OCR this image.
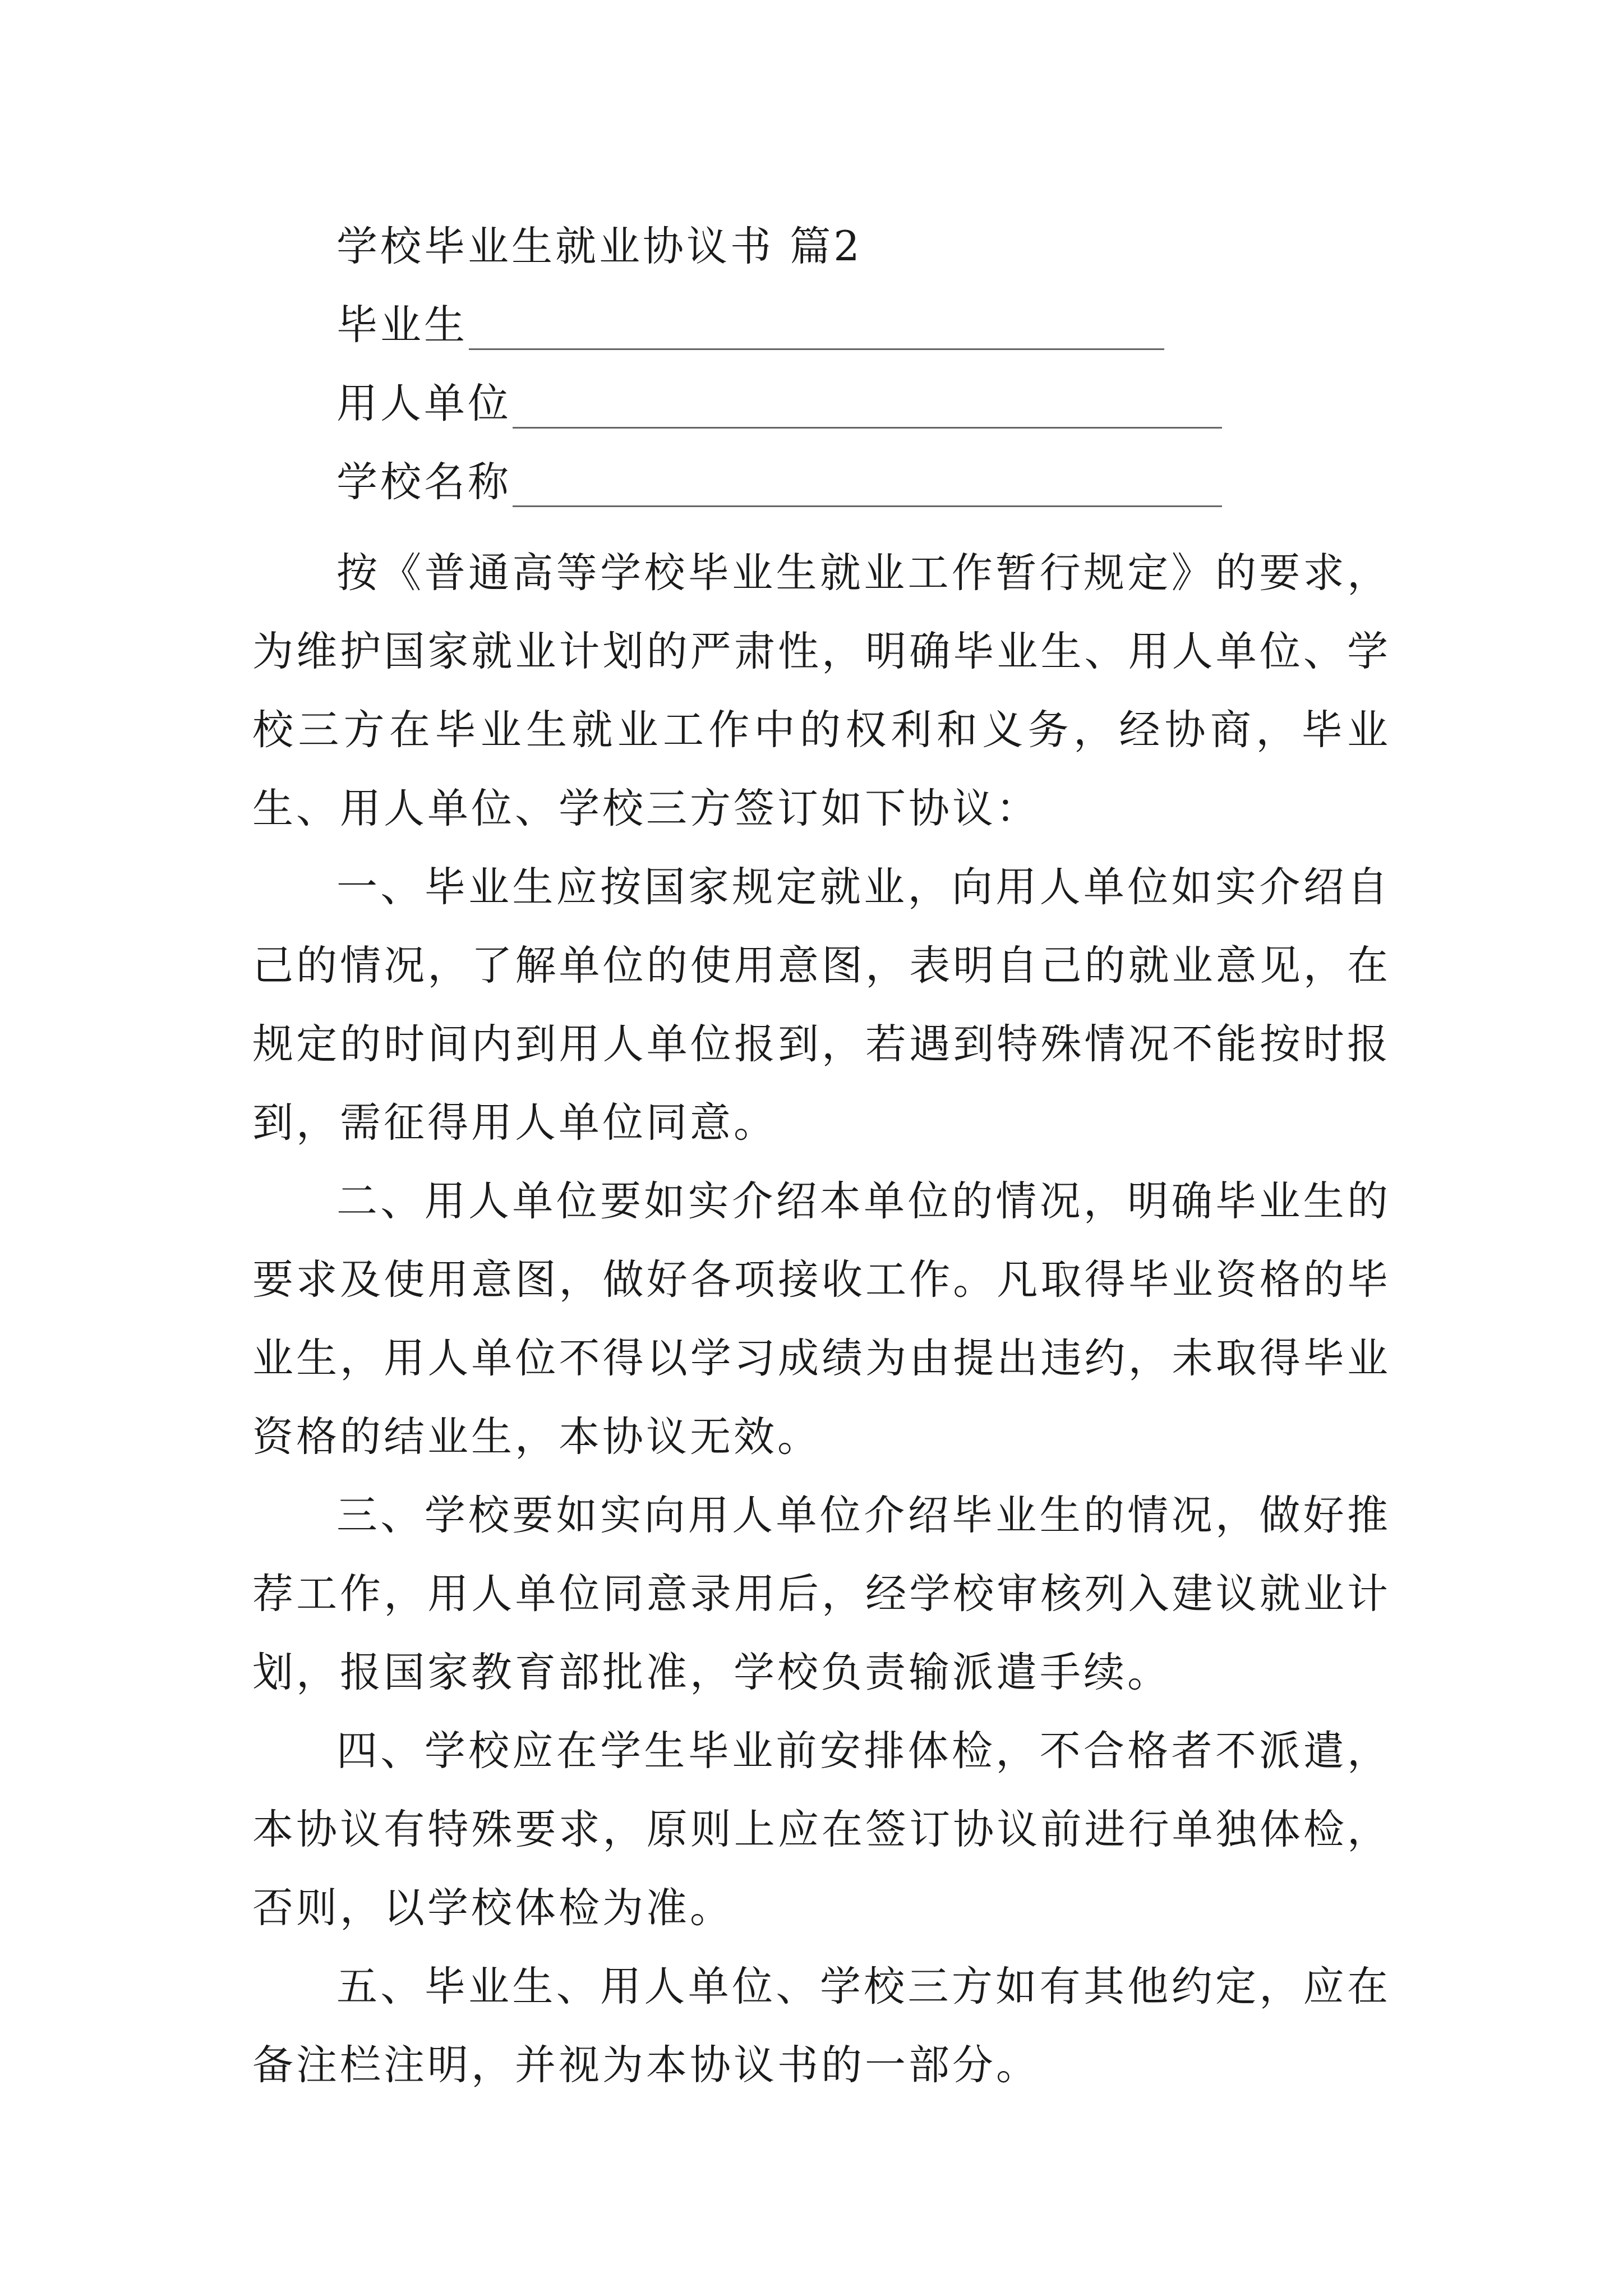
学校毕业生就业协议书 篇2
毕业生
用人单位
学校名称

按《普通高等学校毕业生就业工作暂行规定》的要求，为维护国家就业计划的严肃性，明确毕业生、用人单位、学校三方在毕业生就业工作中的权利和义务，经协商，毕业生、用人单位、学校三方签订如下协议：

一、毕业生应按国家规定就业，向用人单位如实介绍自己的情况，了解单位的使用意图，表明自己的就业意见，在规定的时间内到用人单位报到，若遇到特殊情况不能按时报到，需征得用人单位同意。

二、用人单位要如实介绍本单位的情况，明确毕业生的要求及使用意图，做好各项接收工作。凡取得毕业资格的毕业生，用人单位不得以学习成绩为由提出违约，未取得毕业资格的结业生，本协议无效。

三、学校要如实向用人单位介绍毕业生的情况，做好推荐工作，用人单位同意录用后，经学校审核列入建议就业计划，报国家教育部批准，学校负责输派遣手续。

四、学校应在学生毕业前安排体检，不合格者不派遣，本协议有特殊要求，原则上应在签订协议前进行单独体检，否则，以学校体检为准。

五、毕业生、用人单位、学校三方如有其他约定，应在备注栏注明，并视为本协议书的一部分。
